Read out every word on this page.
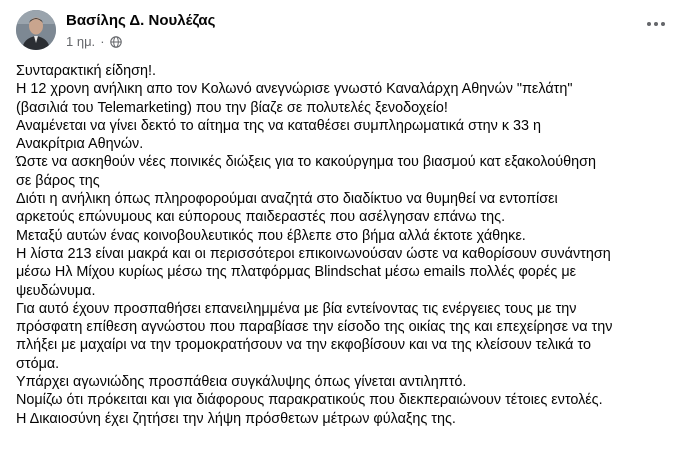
Βασίλης Δ. Νουλέζας
1 ημ. ·

Συνταρακτική είδηση!.

Η 12 χρονη ανήλικη απο τον Κολωνό ανεγνώρισε γνωστό Καναλάρχη Αθηνών "πελάτη"

(βασιλιά του Telemarketing) που την βίαζε σε πολυτελές ξενοδοχείο!

Αναμένεται να γίνει δεκτό το αίτημα της να καταθέσει συμπληρωματικά στην κ 33 η

Ανακρίτρια Αθηνών.

Ώστε να ασκηθούν νέες ποινικές διώξεις για το κακούργημα του βιασμού κατ εξακολούθηση

σε βάρος της

Διότι η ανήλικη όπως πληροφορούμαι αναζητά στο διαδίκτυο να θυμηθεί να εντοπίσει

αρκετούς επώνυμους και εύπορους παιδεραστές που ασέλγησαν επάνω της.

Μεταξύ αυτών ένας κοινοβουλευτικός που έβλεπε στο βήμα αλλά έκτοτε χάθηκε.

Η λίστα 213 είναι μακρά και οι περισσότεροι επικοινωνούσαν ώστε να καθορίσουν συνάντηση

μέσω Ηλ Μίχου κυρίως μέσω της πλατφόρμας Blindschat μέσω emails πολλές φορές με

ψευδώνυμα.

Για αυτό έχουν προσπαθήσει επανειλημμένα με βία εντείνοντας τις ενέργειες τους με την

πρόσφατη επίθεση αγνώστου που παραβίασε την είσοδο της οικίας της και επεχείρησε να την

πλήξει με μαχαίρι να την τρομοκρατήσουν να την εκφοβίσουν και να της κλείσουν τελικά το

στόμα.

Υπάρχει αγωνιώδης προσπάθεια συγκάλυψης όπως γίνεται αντιληπτό.

Νομίζω ότι πρόκειται και για διάφορους παρακρατικούς που διεκπεραιώνουν τέτοιες εντολές.

Η Δικαιοσύνη έχει ζητήσει την λήψη πρόσθετων μέτρων φύλαξης της.
